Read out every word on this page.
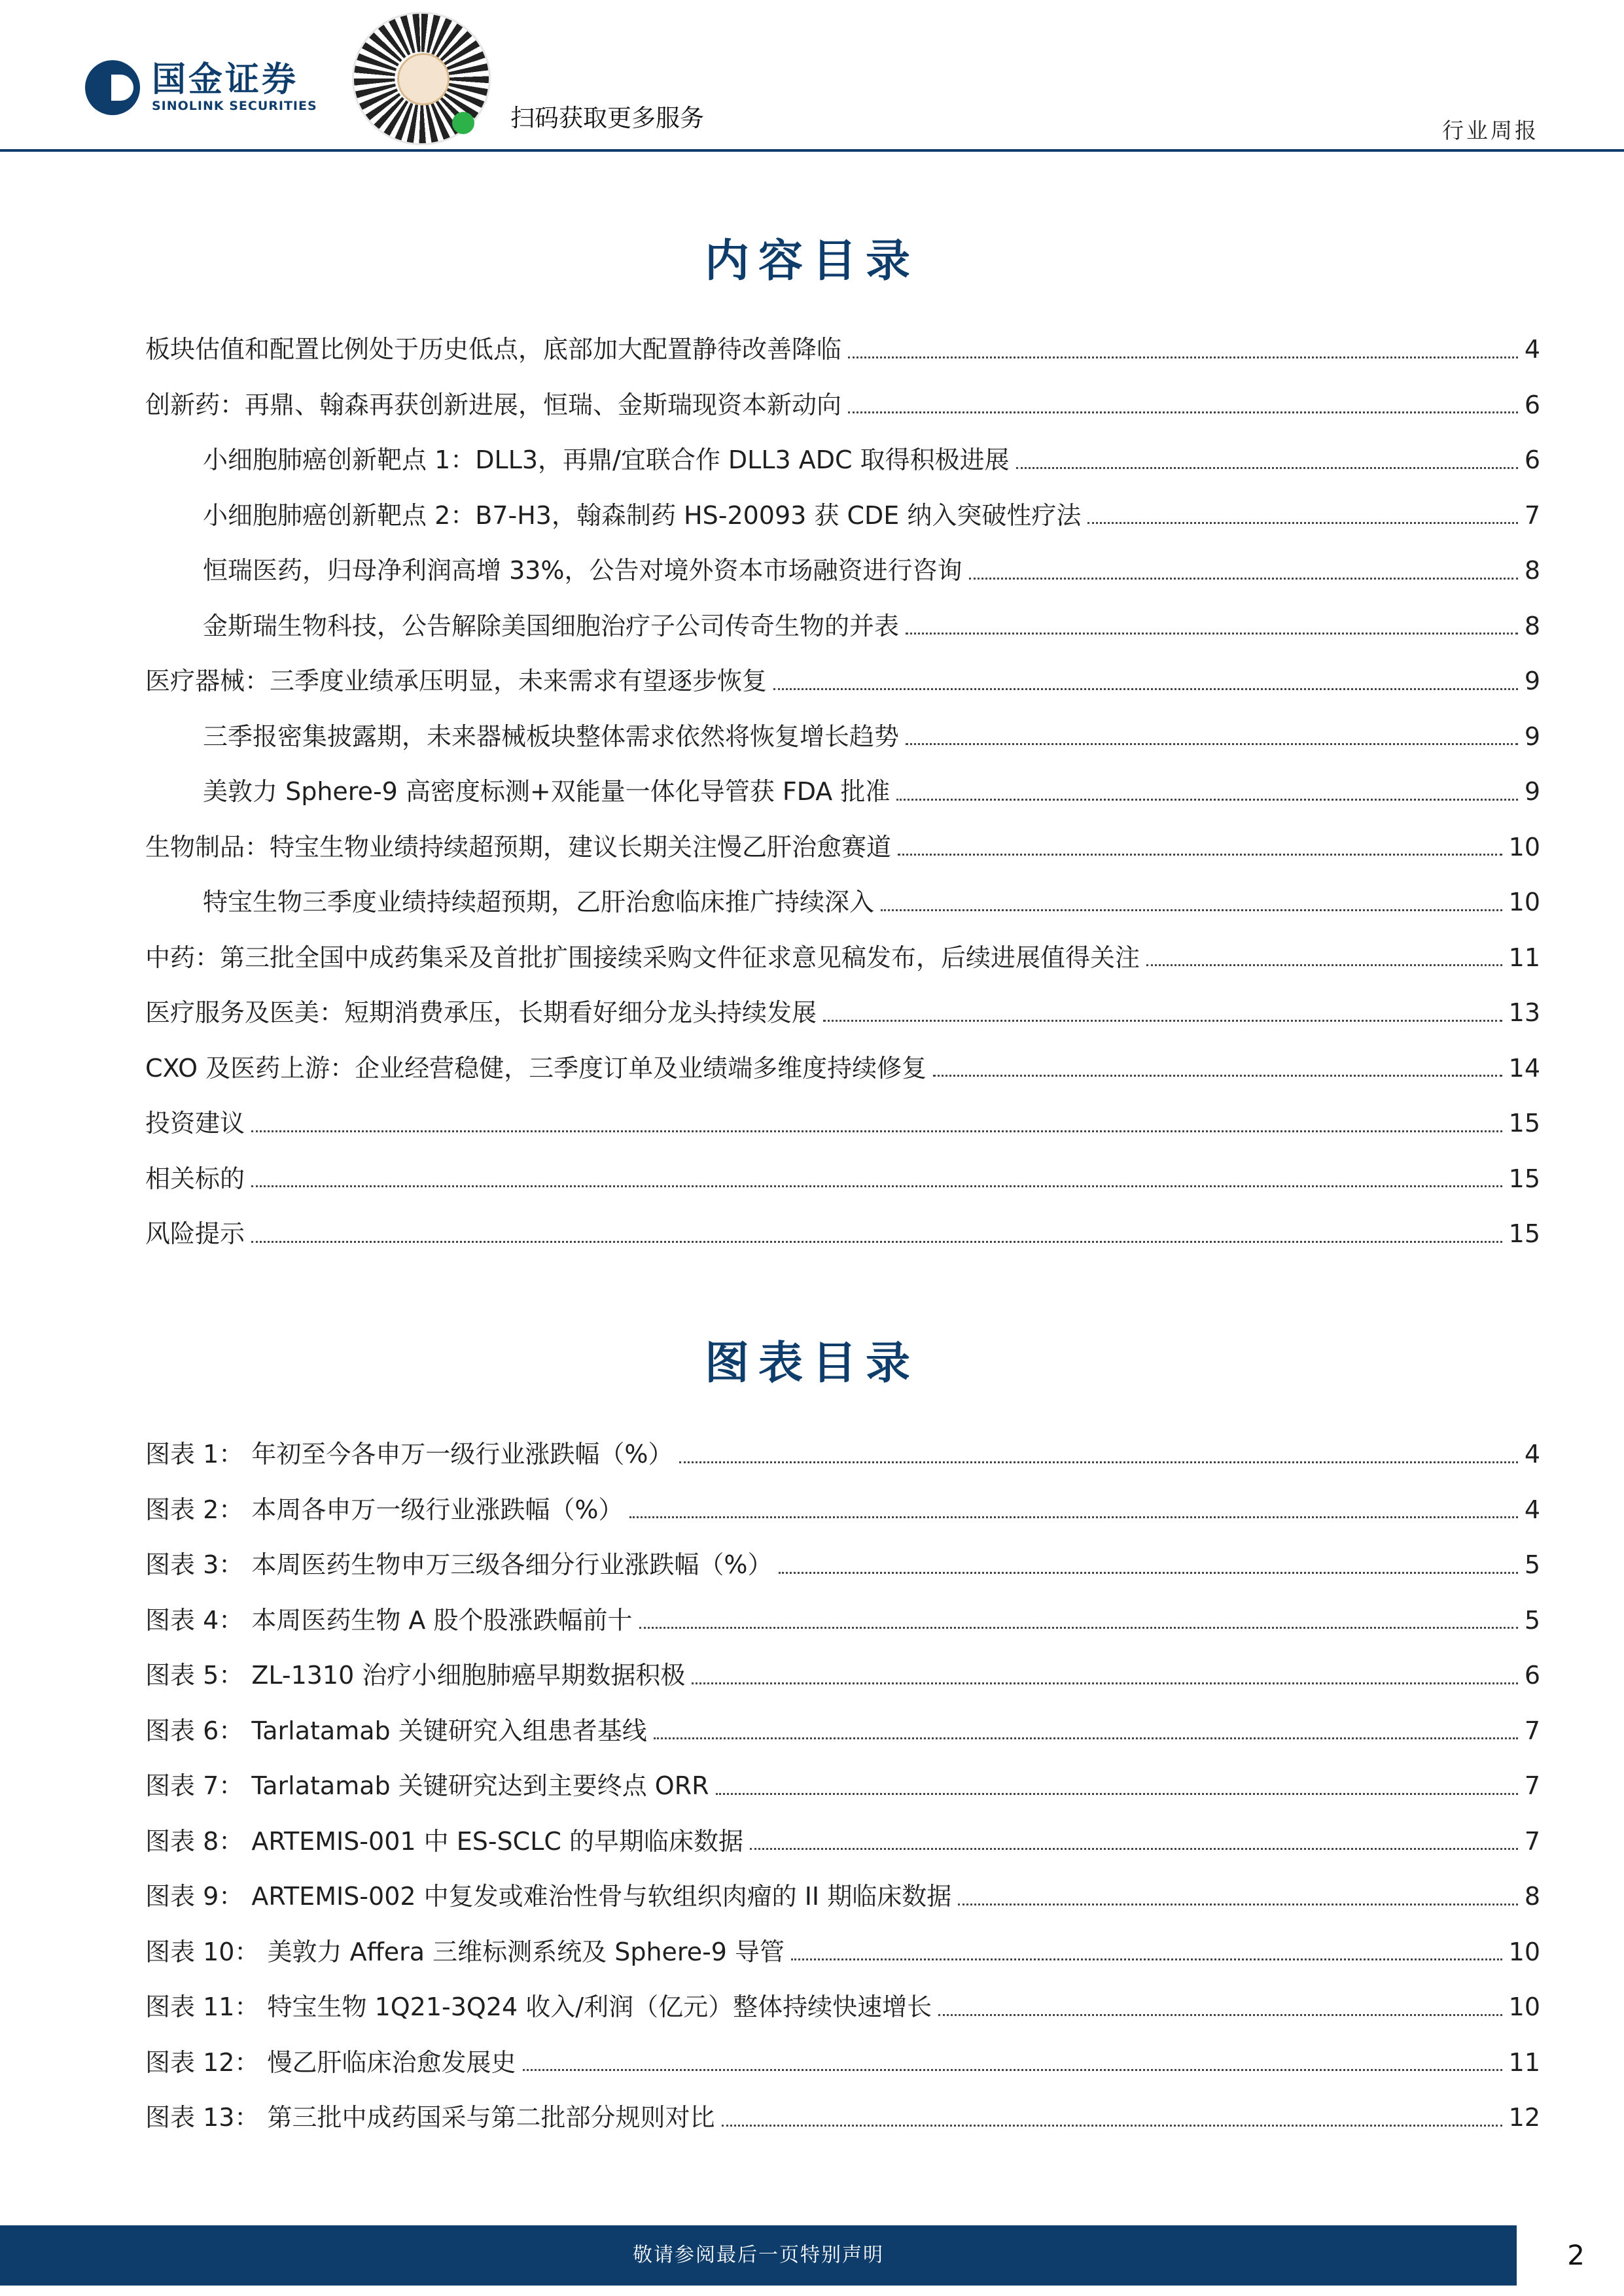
国金证券
SINOLINK SECURITIES	扫码获取更多服务	行业周报
内容目录
板块估值和配置比例处于历史低点，底部加大配置静待改善降临	4
创新药：再鼎、翰森再获创新进展，恒瑞、金斯瑞现资本新动向	6
小细胞肺癌创新靶点 1：DLL3，再鼎/宜联合作 DLL3 ADC 取得积极进展	6
小细胞肺癌创新靶点 2：B7-H3，翰森制药 HS-20093 获 CDE 纳入突破性疗法	7
恒瑞医药，归母净利润高增 33%，公告对境外资本市场融资进行咨询	8
金斯瑞生物科技，公告解除美国细胞治疗子公司传奇生物的并表	8
医疗器械：三季度业绩承压明显，未来需求有望逐步恢复	9
三季报密集披露期，未来器械板块整体需求依然将恢复增长趋势	9
美敦力 Sphere-9 高密度标测+双能量一体化导管获 FDA 批准	9
生物制品：特宝生物业绩持续超预期，建议长期关注慢乙肝治愈赛道	10
特宝生物三季度业绩持续超预期，乙肝治愈临床推广持续深入	10
中药：第三批全国中成药集采及首批扩围接续采购文件征求意见稿发布，后续进展值得关注	11
医疗服务及医美：短期消费承压，长期看好细分龙头持续发展	13
CXO 及医药上游：企业经营稳健，三季度订单及业绩端多维度持续修复	14
投资建议	15
相关标的	15
风险提示	15
图表目录
图表 1： 年初至今各申万一级行业涨跌幅（%）	4
图表 2： 本周各申万一级行业涨跌幅（%）	4
图表 3： 本周医药生物申万三级各细分行业涨跌幅（%）	5
图表 4： 本周医药生物 A 股个股涨跌幅前十	5
图表 5： ZL-1310 治疗小细胞肺癌早期数据积极	6
图表 6： Tarlatamab 关键研究入组患者基线	7
图表 7： Tarlatamab 关键研究达到主要终点 ORR	7
图表 8： ARTEMIS-001 中 ES-SCLC 的早期临床数据	7
图表 9： ARTEMIS-002 中复发或难治性骨与软组织肉瘤的 II 期临床数据	8
图表 10： 美敦力 Affera 三维标测系统及 Sphere-9 导管	10
图表 11： 特宝生物 1Q21-3Q24 收入/利润（亿元）整体持续快速增长	10
图表 12： 慢乙肝临床治愈发展史	11
图表 13： 第三批中成药国采与第二批部分规则对比	12
敬请参阅最后一页特别声明	2
